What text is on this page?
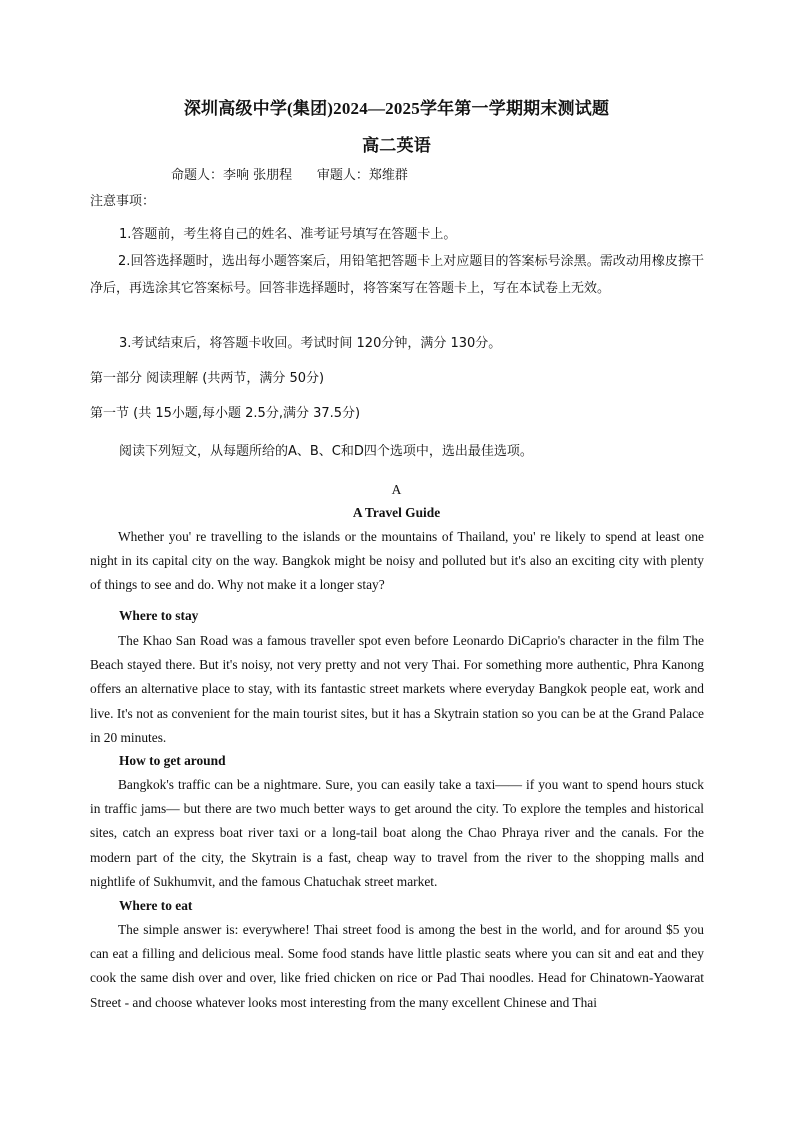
深圳高级中学(集团)2024—2025学年第一学期期末测试题
高二英语
命题人：李响 张朋程      审题人：郑维群
注意事项：
1.答题前，考生将自己的姓名、准考证号填写在答题卡上。

2.回答选择题时，选出每小题答案后，用铅笔把答题卡上对应题目的答案标号涂黑。需改动用橡皮擦干净后，再选涂其它答案标号。回答非选择题时，将答案写在答题卡上，写在本试卷上无效。

3.考试结束后，将答题卡收回。考试时间 120分钟，满分 130分。
第一部分 阅读理解 (共两节，满分 50分)
第一节 (共 15小题,每小题 2.5分,满分 37.5分)
阅读下列短文，从每题所给的A、B、C和D四个选项中，选出最佳选项。
A
A Travel Guide

Whether you' re travelling to the islands or the mountains of Thailand, you' re likely to spend at least one night in its capital city on the way. Bangkok might be noisy and polluted but it's also an exciting city with plenty of things to see and do. Why not make it a longer stay?

Where to stay

The Khao San Road was a famous traveller spot even before Leonardo DiCaprio's character in the film The Beach stayed there. But it's noisy, not very pretty and not very Thai. For something more authentic, Phra Kanong offers an alternative place to stay, with its fantastic street markets where everyday Bangkok people eat, work and live. It's not as convenient for the main tourist sites, but it has a Skytrain station so you can be at the Grand Palace in 20 minutes.

How to get around

Bangkok's traffic can be a nightmare. Sure, you can easily take a taxi—— if you want to spend hours stuck in traffic jams— but there are two much better ways to get around the city. To explore the temples and historical sites, catch an express boat river taxi or a long-tail boat along the Chao Phraya river and the canals. For the modern part of the city, the Skytrain is a fast, cheap way to travel from the river to the shopping malls and nightlife of Sukhumvit, and the famous Chatuchak street market.

Where to eat

The simple answer is: everywhere! Thai street food is among the best in the world, and for around $5 you can eat a filling and delicious meal. Some food stands have little plastic seats where you can sit and eat and they cook the same dish over and over, like fried chicken on rice or Pad Thai noodles. Head for Chinatown-Yaowarat Street - and choose whatever looks most interesting from the many excellent Chinese and Thai
